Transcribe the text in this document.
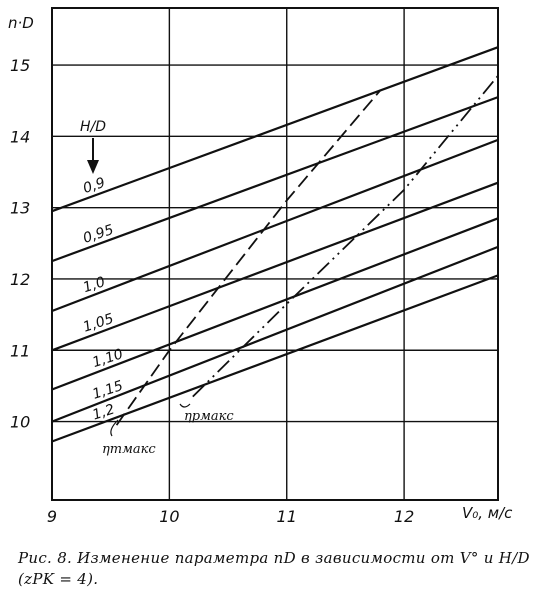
9	10	11	12
10
11
12
13
14
15
0,9
0,95
1,0
1,05
1,10
1,15
1,2
n·D
V₀, м/с
H/D
ηтмакс
ηpмакс
Рис. 8. Изменение параметра nD в зависимости от V° и H/D (zPK = 4).
